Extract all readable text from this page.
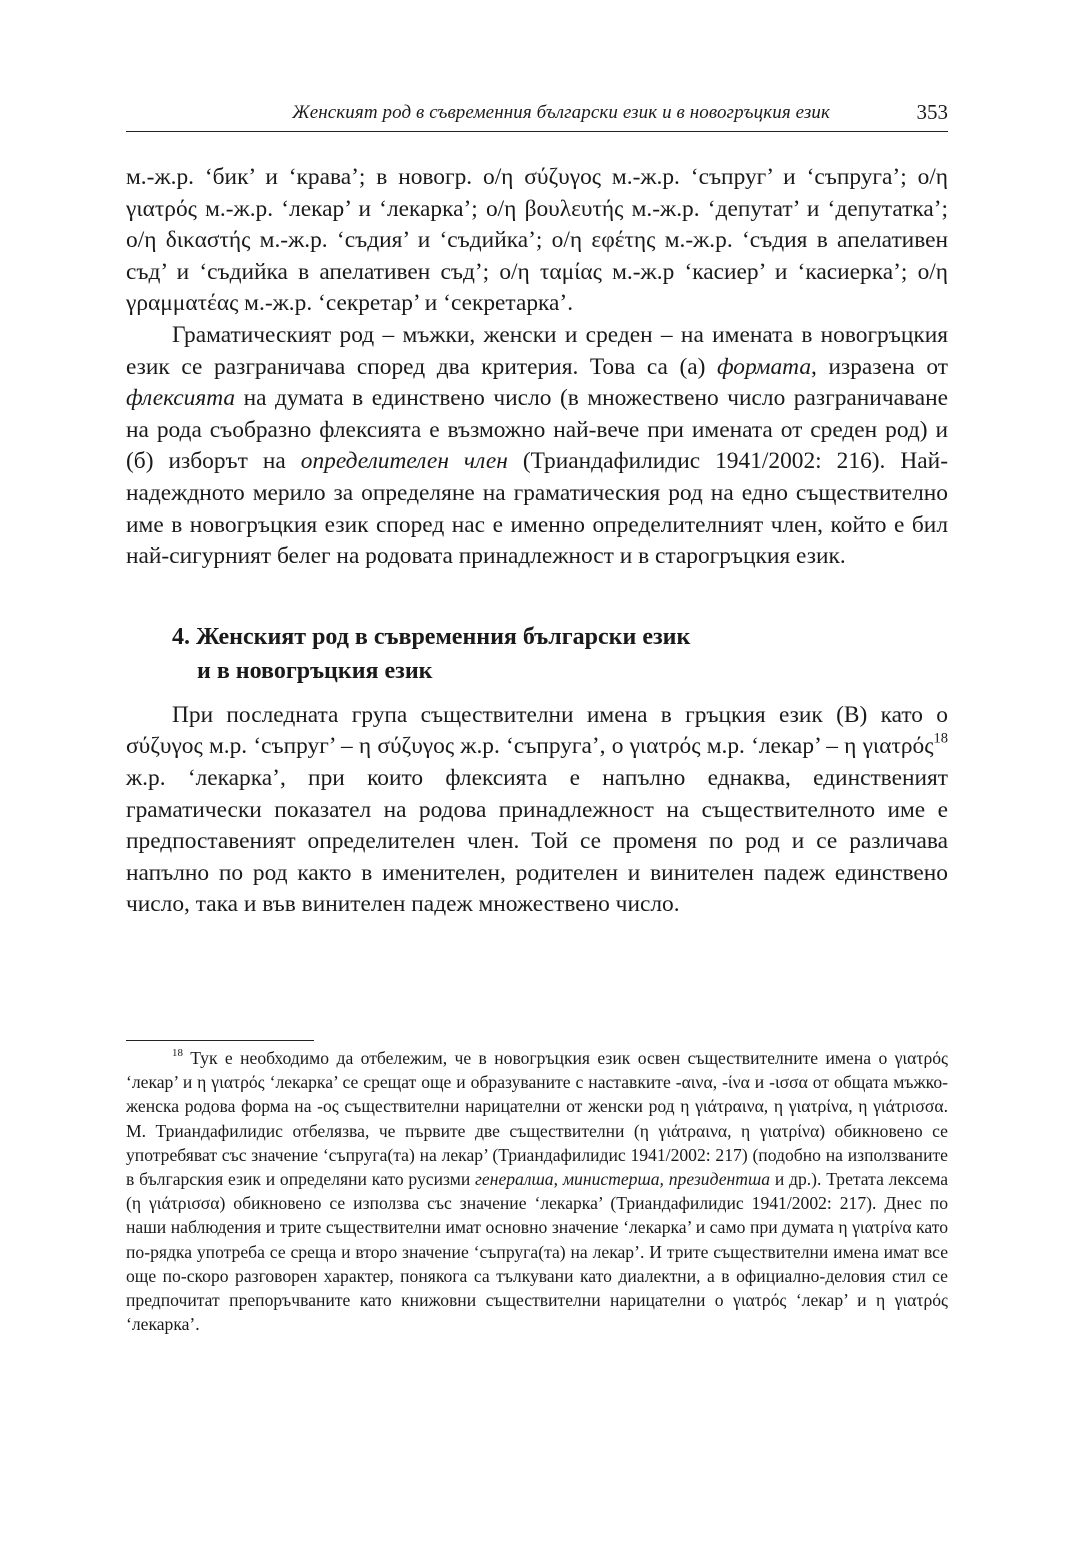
Женският род в съвременния български език и в новогръцкия език	353

м.-ж.р. ‘бик’ и ‘крава’; в новогр. ο/η σύζυγος м.-ж.р. ‘съпруг’ и ‘съпруга’; ο/η γιατρός м.-ж.р. ‘лекар’ и ‘лекарка’; ο/η βουλευτής м.-ж.р. ‘депутат’ и ‘депутатка’; ο/η δικαστής м.-ж.р. ‘съдия’ и ‘съдийка’; ο/η εφέτης м.-ж.р. ‘съдия в апелативен съд’ и ‘съдийка в апелативен съд’; ο/η ταμίας м.-ж.р ‘касиер’ и ‘касиерка’; ο/η γραμματέας м.-ж.р. ‘секретар’ и ‘секретарка’.

Граматическият род – мъжки, женски и среден – на имената в новогръцкия език се разграничава според два критерия. Това са (а) формата, изразена от флексията на думата в единствено число (в множествено число разграничаване на рода съобразно флексията е възможно най-вече при имената от среден род) и (б) изборът на определителен член (Триандафилидис 1941/2002: 216). Най-надеждното мерило за определяне на граматическия род на едно съществително име в новогръцкия език според нас е именно определителният член, който е бил най-сигурният белег на родовата принадлежност и в старогръцкия език.

4. Женският род в съвременния български език
и в новогръцкия език

При последната група съществителни имена в гръцкия език (В) като ο σύζυγος м.р. ‘съпруг’ – η σύζυγος ж.р. ‘съпруга’, ο γιατρός м.р. ‘лекар’ – η γιατρός$^{18}$ ж.р. ‘лекарка’, при които флексията е напълно еднаква, единственият граматически показател на родова принадлежност на съществителното име е предпоставеният определителен член. Той се променя по род и се различава напълно по род както в именителен, родителен и винителен падеж единствено число, така и във винителен падеж множествено число.

$^{18}$ Тук е необходимо да отбележим, че в новогръцкия език освен съществителните имена ο γιατρός ‘лекар’ и η γιατρός ‘лекарка’ се срещат още и образуваните с наставките -αινα, -ίνα и -ισσα от общата мъжко-женска родова форма на -ος съществителни нарицателни от женски род η γιάτραινα, η γιατρίνα, η γιάτρισσα. М. Триандафилидис отбелязва, че първите две съществителни (η γιάτραινα, η γιατρίνα) обикновено се употребяват със значение ‘съпруга(та) на лекар’ (Триандафилидис 1941/2002: 217) (подобно на използваните в българския език и определяни като русизми генералша, министерша, президентша и др.). Третата лексема (η γιάτρισσα) обикновено се използва със значение ‘лекарка’ (Триандафилидис 1941/2002: 217). Днес по наши наблюдения и трите съществителни имат основно значение ‘лекарка’ и само при думата η γιατρίνα като по-рядка употреба се среща и второ значение ‘съпруга(та) на лекар’. И трите съществителни имена имат все още по-скоро разговорен характер, понякога са тълкувани като диалектни, а в официално-деловия стил се предпочитат препоръчваните като книжовни съществителни нарицателни ο γιατρός ‘лекар’ и η γιατρός ‘лекарка’.
